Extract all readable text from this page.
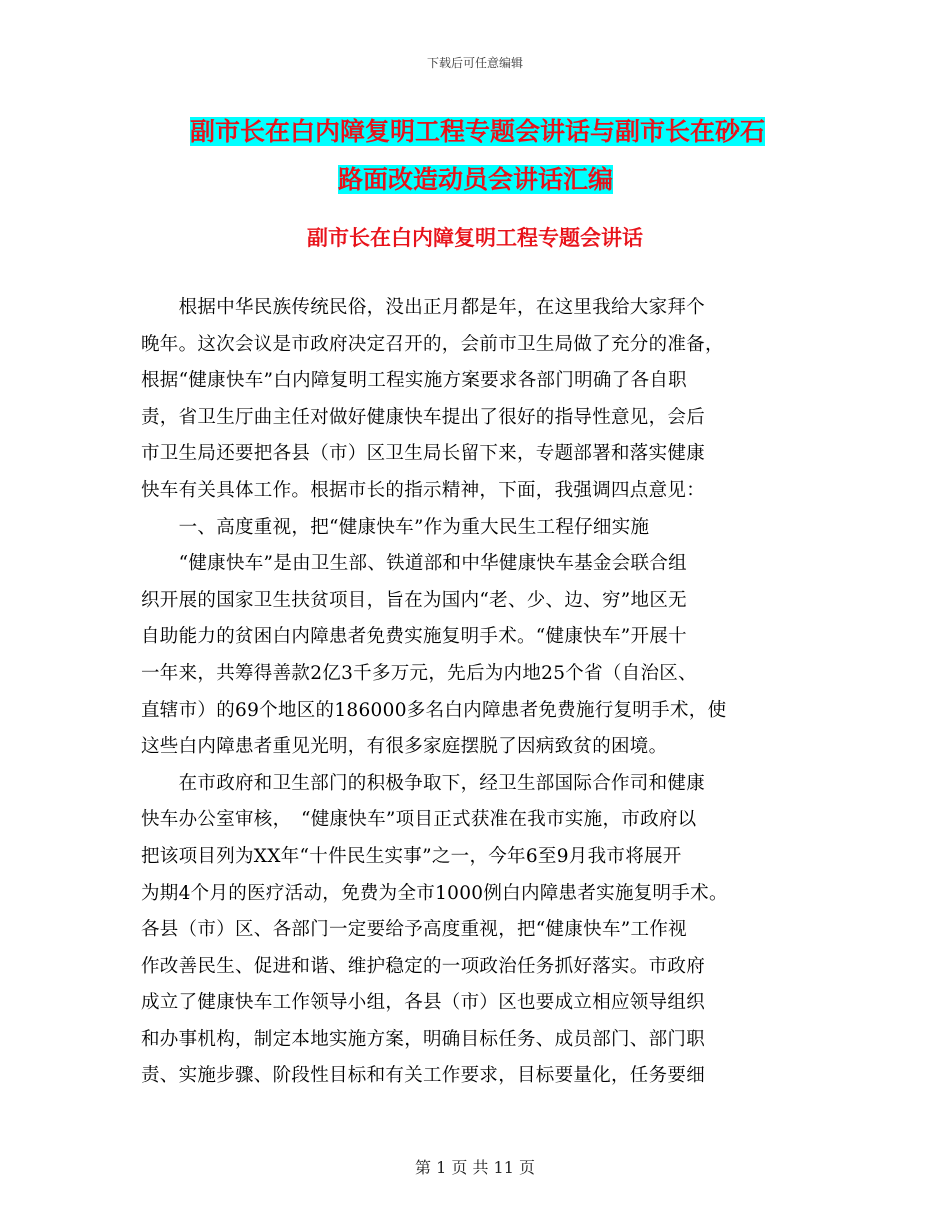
下载后可任意编辑
副市长在白内障复明工程专题会讲话与副市长在砂石
路面改造动员会讲话汇编
副市长在白内障复明工程专题会讲话
　　根据中华民族传统民俗，没出正月都是年，在这里我给大家拜个
晚年。这次会议是市政府决定召开的，会前市卫生局做了充分的准备，
根据“健康快车”白内障复明工程实施方案要求各部门明确了各自职
责，省卫生厅曲主任对做好健康快车提出了很好的指导性意见，会后
市卫生局还要把各县（市）区卫生局长留下来，专题部署和落实健康
快车有关具体工作。根据市长的指示精神，下面，我强调四点意见：
　　一、高度重视，把“健康快车”作为重大民生工程仔细实施
　　“健康快车”是由卫生部、铁道部和中华健康快车基金会联合组
织开展的国家卫生扶贫项目，旨在为国内“老、少、边、穷”地区无
自助能力的贫困白内障患者免费实施复明手术。“健康快车”开展十
一年来，共筹得善款2亿3千多万元，先后为内地25个省（自治区、
直辖市）的69个地区的186000多名白内障患者免费施行复明手术，使
这些白内障患者重见光明，有很多家庭摆脱了因病致贫的困境。
　　在市政府和卫生部门的积极争取下，经卫生部国际合作司和健康
快车办公室审核，　“健康快车”项目正式获准在我市实施，市政府以
把该项目列为XX年“十件民生实事”之一，今年6至9月我市将展开
为期4个月的医疗活动，免费为全市1000例白内障患者实施复明手术。
各县（市）区、各部门一定要给予高度重视，把“健康快车”工作视
作改善民生、促进和谐、维护稳定的一项政治任务抓好落实。市政府
成立了健康快车工作领导小组，各县（市）区也要成立相应领导组织
和办事机构，制定本地实施方案，明确目标任务、成员部门、部门职
责、实施步骤、阶段性目标和有关工作要求，目标要量化，任务要细
第 1 页 共 11 页
